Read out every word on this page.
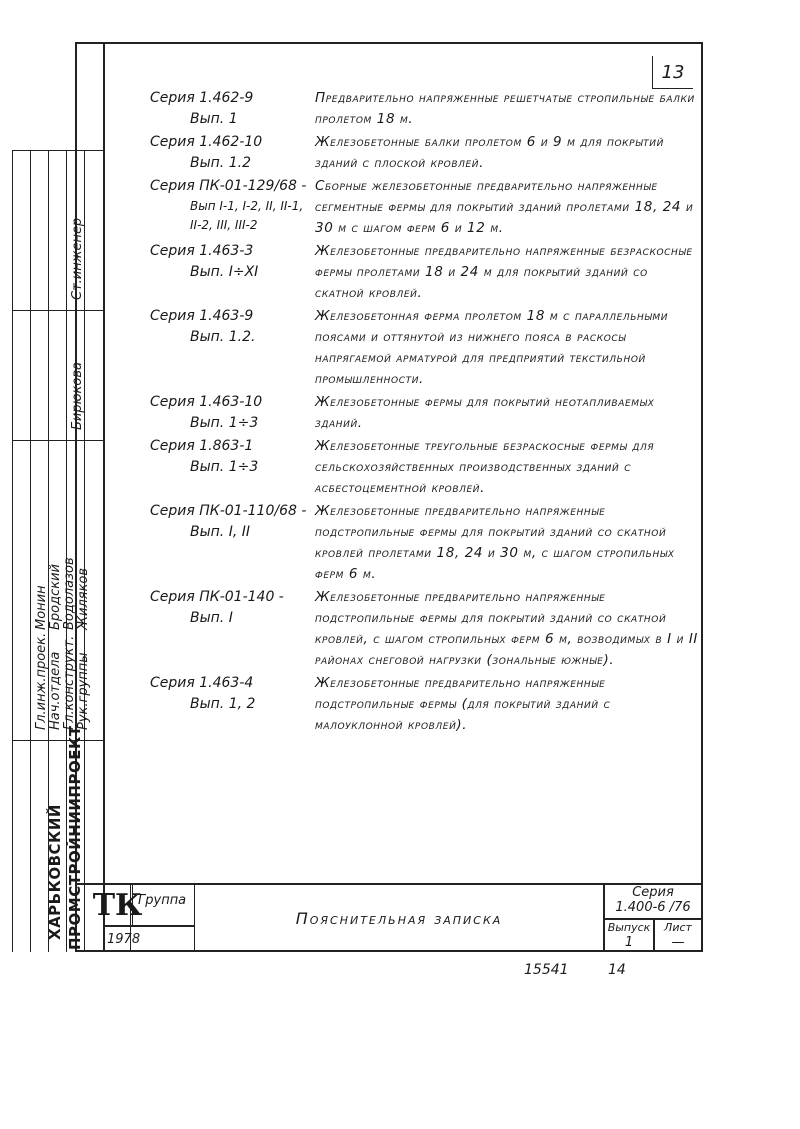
13
ХАРЬКОВСКИЙ ПРОМСТРОЙНИИПРОЕКТ
Ст.инженер
Бирюкова
Гл.инж.проек. Нач.отдела Гл.конструкт. Рук.группы
Монин Бродский Водолазов Жиляков
Серия 1.462-9
Вып. 1
Предварительно напряженные решетчатые стропильные балки пролетом 18 м.
Серия 1.462-10
Вып. 1.2
Железобетонные балки пролетом 6 и 9 м для покрытий зданий с плоской кровлей.
Серия ПК-01-129/68 -
Вып I-1, I-2, II, II-1, II-2, III, III-2
Сборные железобетонные предварительно напряженные сегментные фермы для покрытий зданий пролетами 18, 24 и 30 м с шагом ферм 6 и 12 м.
Серия 1.463-3
Вып. I÷XI
Железобетонные предварительно напряженные безраскосные фермы пролетами 18 и 24 м для покрытий зданий со скатной кровлей.
Серия 1.463-9
Вып. 1.2.
Железобетонная ферма пролетом 18 м с параллельными поясами и оттянутой из нижнего пояса в раскосы напрягаемой арматурой для предприятий текстильной промышленности.
Серия 1.463-10
Вып. 1÷3
Железобетонные фермы для покрытий неотапливаемых зданий.
Серия 1.863-1
Вып. 1÷3
Железобетонные треугольные безраскосные фермы для сельскохозяйственных производственных зданий с асбестоцементной кровлей.
Серия ПК-01-110/68 -
Вып. I, II
Железобетонные предварительно напряженные подстропильные фермы для покрытий зданий со скатной кровлей пролетами 18, 24 и 30 м, с шагом стропильных ферм 6 м.
Серия ПК-01-140 -
Вып. I
Железобетонные предварительно напряженные подстропильные фермы для покрытий зданий со скатной кровлей, с шагом стропильных ферм 6 м, возводимых в I и II районах снеговой нагрузки (зональные южные).
Серия 1.463-4
Вып. 1, 2
Железобетонные предварительно напряженные подстропильные фермы (для покрытий зданий с малоуклонной кровлей).
ТК
Группа
1978
Пояснительная записка
Серия
1.400-6 /76
Выпуск
1
Лист
—
15541	14
